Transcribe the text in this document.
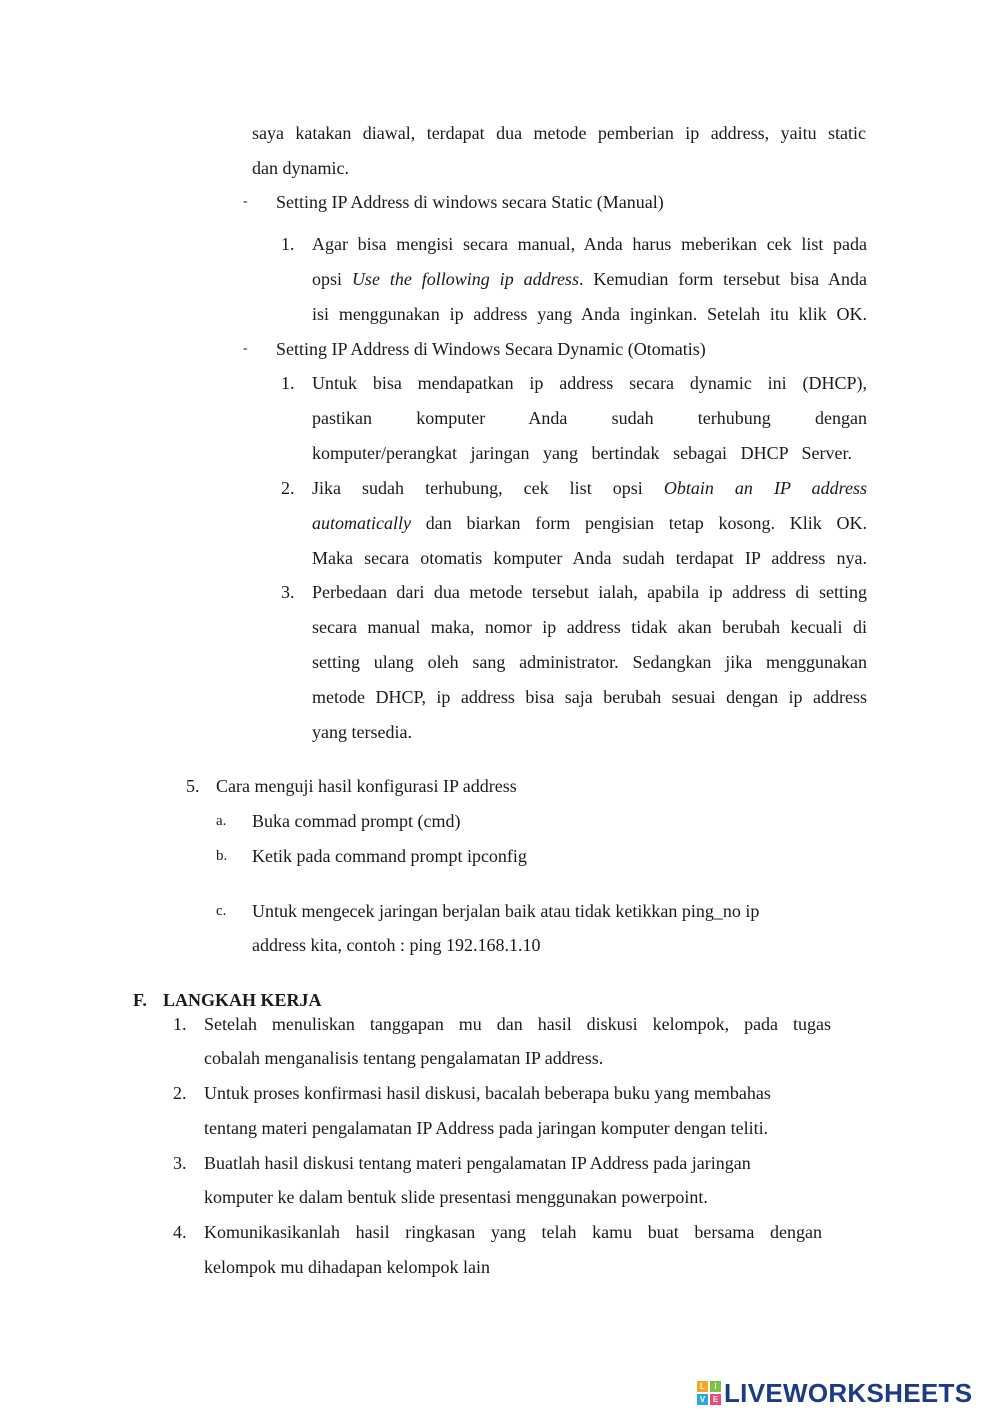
saya katakan diawal, terdapat dua metode pemberian ip address, yaitu static
dan dynamic.
- Setting IP Address di windows secara Static (Manual)
1. Agar bisa mengisi secara manual, Anda harus meberikan cek list pada
opsi Use the following ip address. Kemudian form tersebut bisa Anda
isi menggunakan ip address yang Anda inginkan. Setelah itu klik OK.
- Setting IP Address di Windows Secara Dynamic (Otomatis)
1. Untuk bisa mendapatkan ip address secara dynamic ini (DHCP),
pastikan komputer Anda sudah terhubung dengan
komputer/perangkat jaringan yang bertindak sebagai DHCP Server.
2. Jika sudah terhubung, cek list opsi Obtain an IP address
automatically dan biarkan form pengisian tetap kosong. Klik OK.
Maka secara otomatis komputer Anda sudah terdapat IP address nya.
3. Perbedaan dari dua metode tersebut ialah, apabila ip address di setting
secara manual maka, nomor ip address tidak akan berubah kecuali di
setting ulang oleh sang administrator. Sedangkan jika menggunakan
metode DHCP, ip address bisa saja berubah sesuai dengan ip address
yang tersedia.
5. Cara menguji hasil konfigurasi IP address
a. Buka commad prompt (cmd)
b. Ketik pada command prompt ipconfig
c. Untuk mengecek jaringan berjalan baik atau tidak ketikkan ping_no ip
address kita, contoh : ping 192.168.1.10
F. LANGKAH KERJA
1. Setelah menuliskan tanggapan mu dan hasil diskusi kelompok, pada tugas
cobalah menganalisis tentang pengalamatan IP address.
2. Untuk proses konfirmasi hasil diskusi, bacalah beberapa buku yang membahas
tentang materi pengalamatan IP Address pada jaringan komputer dengan teliti.
3. Buatlah hasil diskusi tentang materi pengalamatan IP Address pada jaringan
komputer ke dalam bentuk slide presentasi menggunakan powerpoint.
4. Komunikasikanlah hasil ringkasan yang telah kamu buat bersama dengan
kelompok mu dihadapan kelompok lain
L	I
V E LIVEWORKSHEETS
